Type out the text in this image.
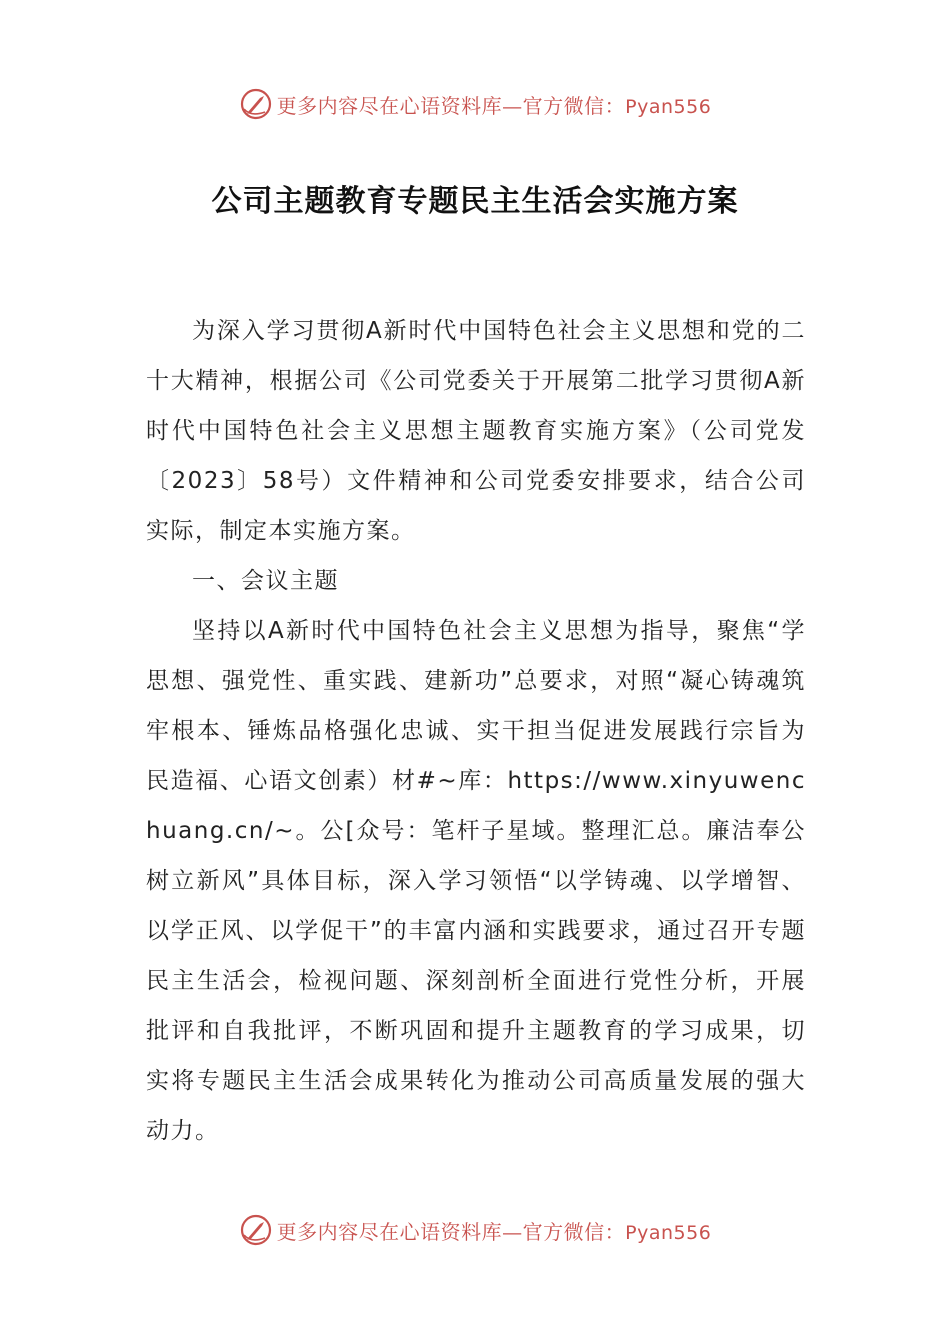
更多内容尽在心语资料库—官方微信：Pyan556
公司主题教育专题民主生活会实施方案

为深入学习贯彻A新时代中国特色社会主义思想和党的二十大精神，根据公司《公司党委关于开展第二批学习贯彻A新时代中国特色社会主义思想主题教育实施方案》（公司党发〔2023〕58号）文件精神和公司党委安排要求，结合公司实际，制定本实施方案。

一、会议主题

坚持以A新时代中国特色社会主义思想为指导，聚焦“学思想、强党性、重实践、建新功”总要求，对照“凝心铸魂筑牢根本、锤炼品格强化忠诚、实干担当促进发展践行宗旨为民造福、心语文创素）材#~库：https://www.xinyuwenchuang.cn/~。公[众号：笔杆子星域。整理汇总。廉洁奉公树立新风”具体目标，深入学习领悟“以学铸魂、以学增智、以学正风、以学促干”的丰富内涵和实践要求，通过召开专题民主生活会，检视问题、深刻剖析全面进行党性分析，开展批评和自我批评，不断巩固和提升主题教育的学习成果，切实将专题民主生活会成果转化为推动公司高质量发展的强大动力。

更多内容尽在心语资料库—官方微信：Pyan556
